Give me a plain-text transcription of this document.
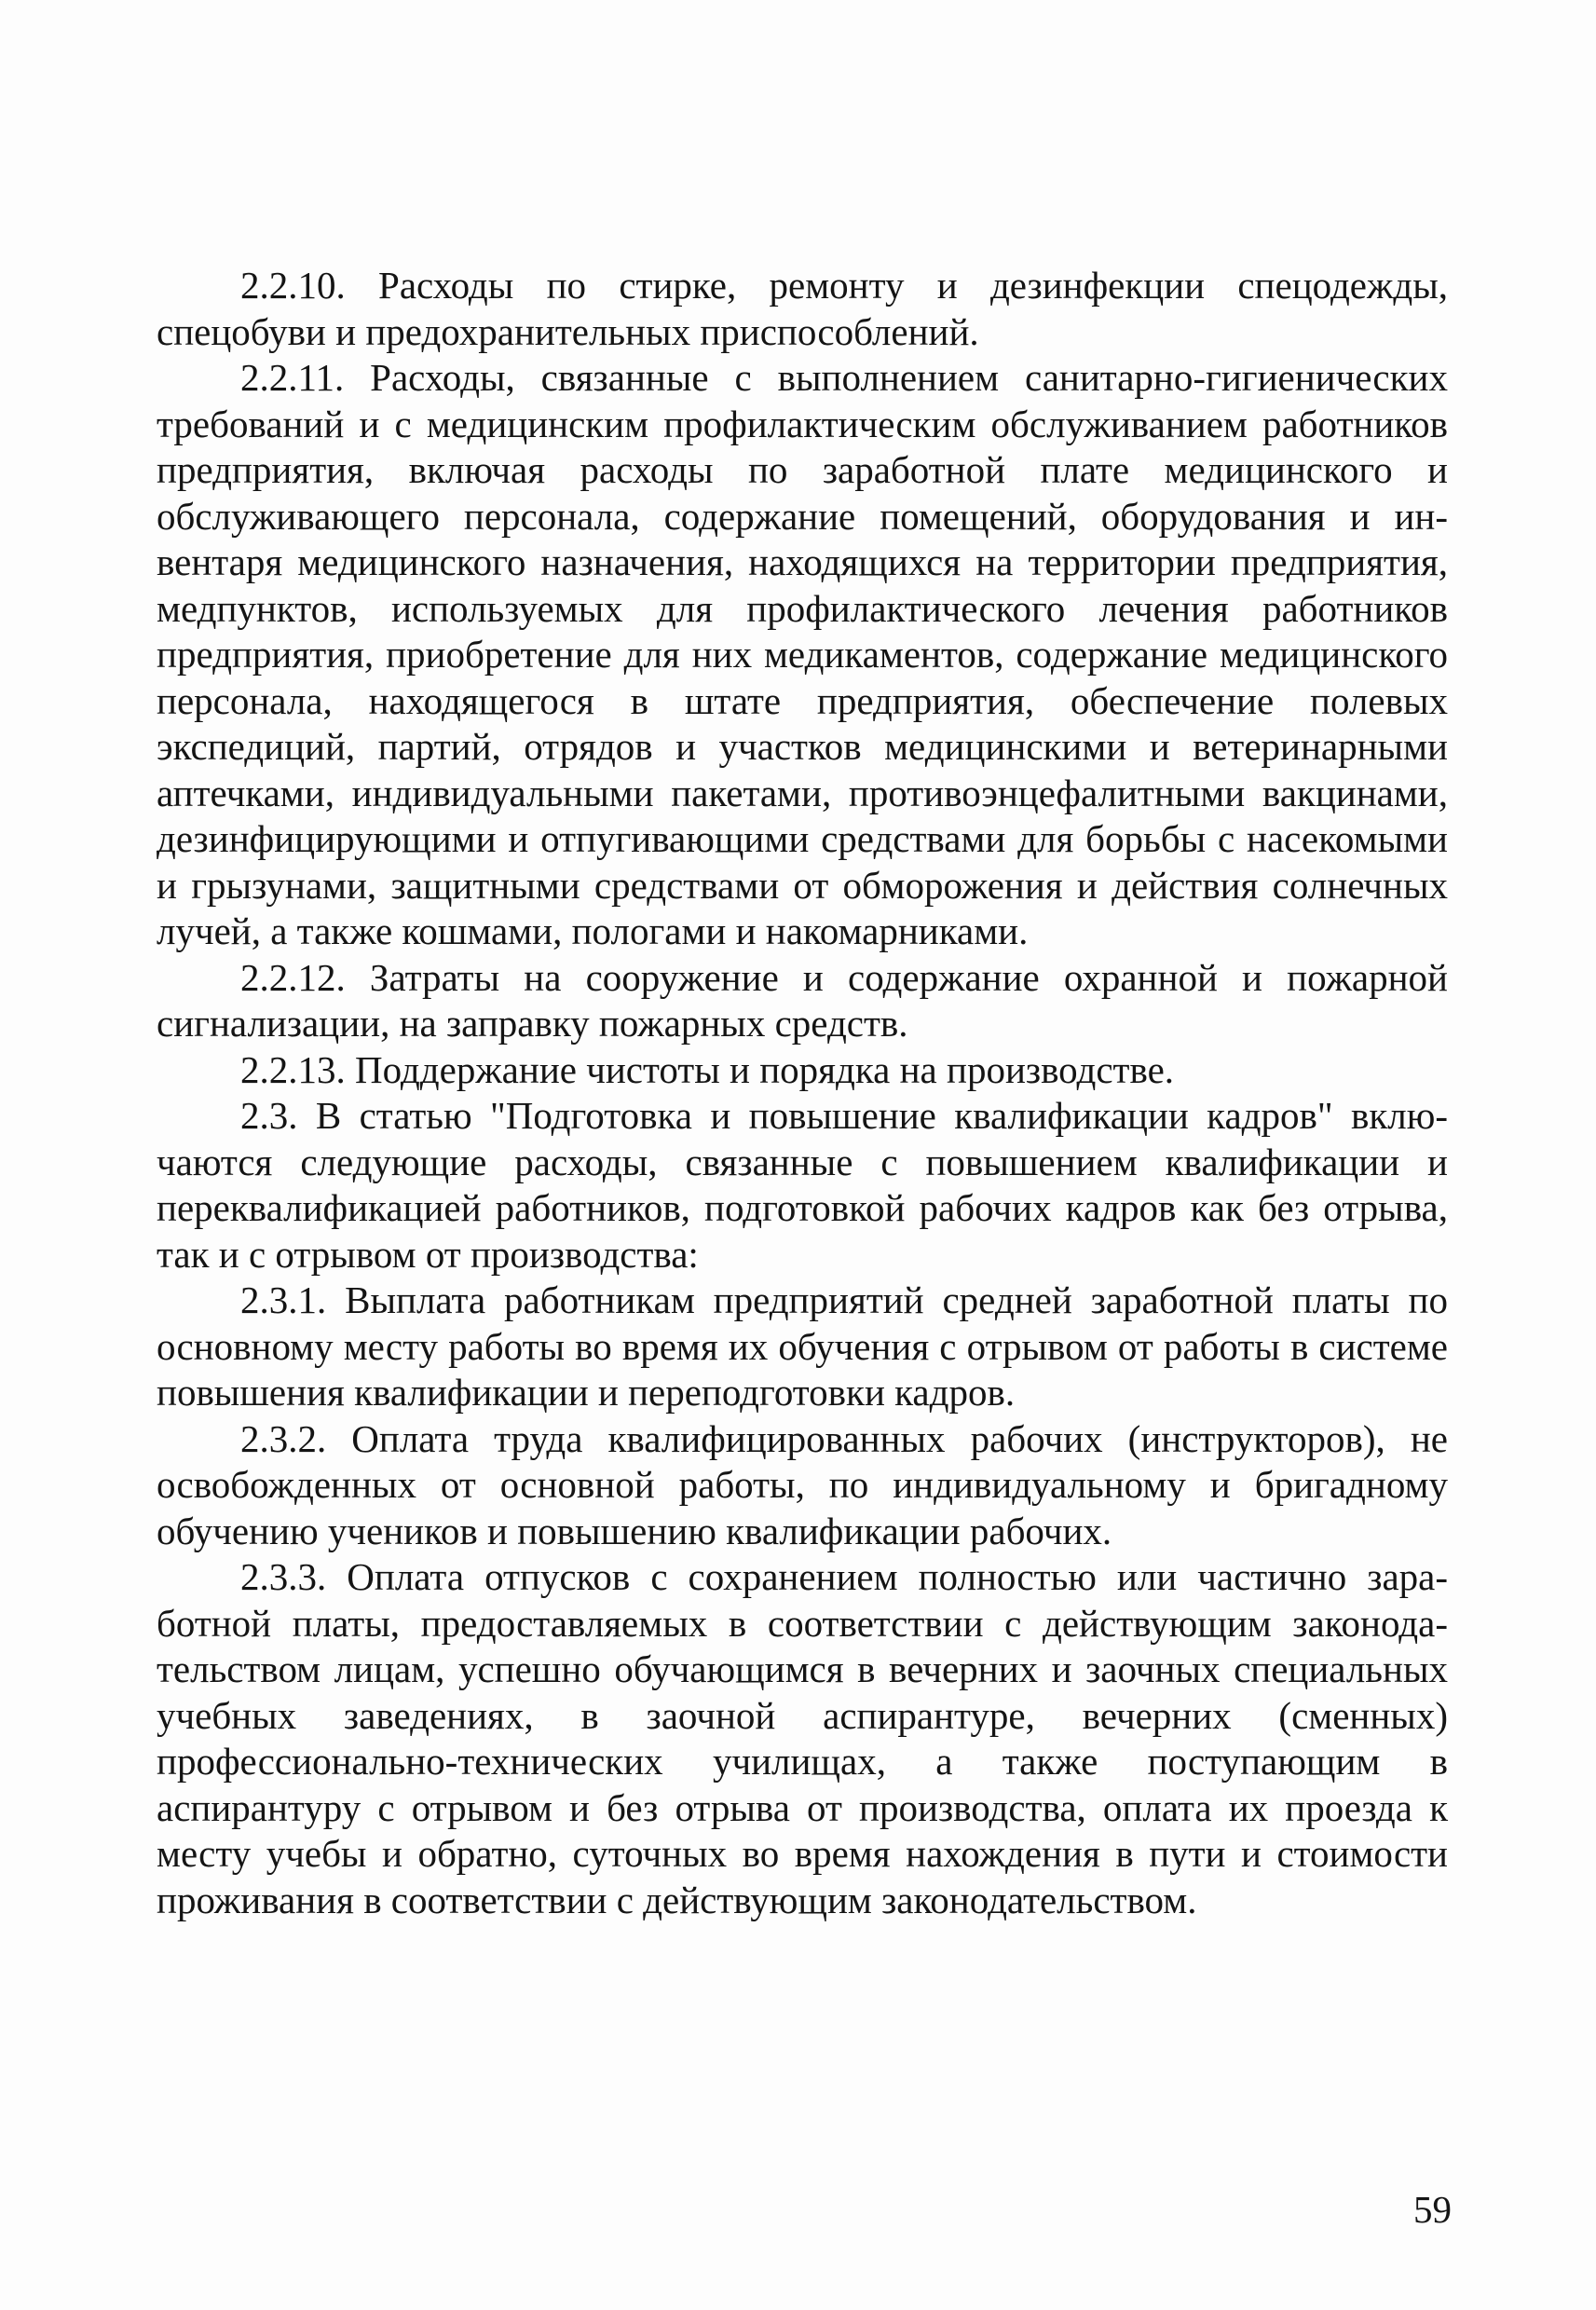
2.2.10. Расходы по стирке, ремонту и дезинфекции спецодежды, спецобуви и предохранительных приспособлений.

2.2.11. Расходы, связанные с выполнением санитарно-гигиенических требований и с медицинским профилактическим обслуживанием работников предприятия, включая расходы по заработной плате медицинского и обслуживающего персонала, содержание помещений, оборудования и инвентаря медицинского назначения, находящихся на территории предприятия, медпунктов, используемых для профилактического лечения работников предприятия, приобретение для них медикаментов, содержание медицинского персонала, находящегося в штате предприятия, обеспечение полевых экспедиций, партий, отрядов и участков медицинскими и ветеринарными аптечками, индивидуальными пакетами, противоэнцефалитными вакцинами, дезинфицирующими и отпугивающими средствами для борьбы с насекомыми и грызунами, защитными средствами от обморожения и действия солнечных лучей, а также кошмами, пологами и накомарниками.

2.2.12. Затраты на сооружение и содержание охранной и пожарной сигнализации, на заправку пожарных средств.

2.2.13. Поддержание чистоты и порядка на производстве.

2.3. В статью "Подготовка и повышение квалификации кадров" включаются следующие расходы, связанные с повышением квалификации и переквалификацией работников, подготовкой рабочих кадров как без отрыва, так и с отрывом от производства:

2.3.1. Выплата работникам предприятий средней заработной платы по основному месту работы во время их обучения с отрывом от работы в системе повышения квалификации и переподготовки кадров.

2.3.2. Оплата труда квалифицированных рабочих (инструкторов), не освобожденных от основной работы, по индивидуальному и бригадному обучению учеников и повышению квалификации рабочих.

2.3.3. Оплата отпусков с сохранением полностью или частично заработной платы, предоставляемых в соответствии с действующим законодательством лицам, успешно обучающимся в вечерних и заочных специальных учебных заведениях, в заочной аспирантуре, вечерних (сменных) профессионально-технических училищах, а также поступающим в аспирантуру с отрывом и без отрыва от производства, оплата их проезда к месту учебы и обратно, суточных во время нахождения в пути и стоимости проживания в соответствии с действующим законодательством.

59
